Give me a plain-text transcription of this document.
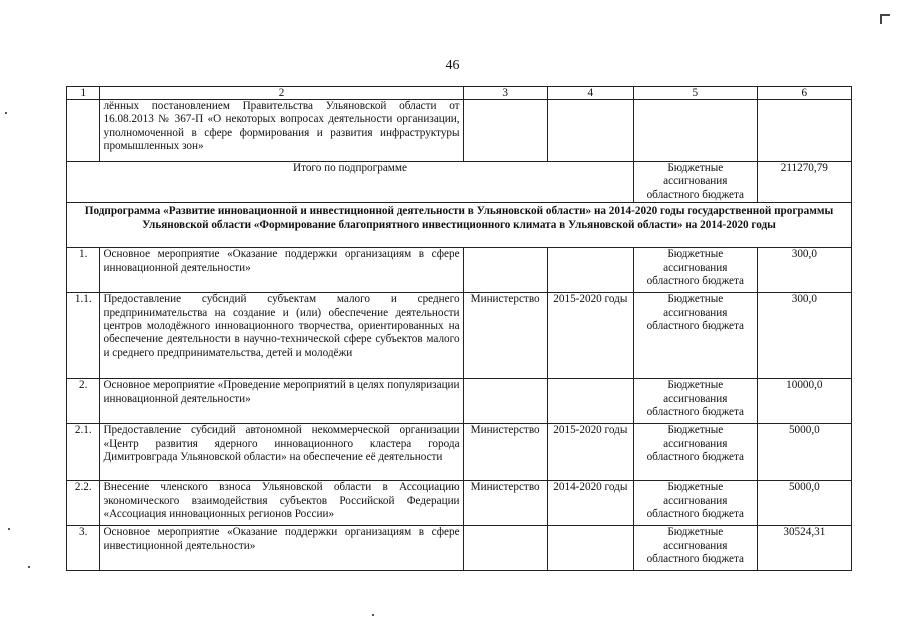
46
1	2	3	4	5	6
	лённых постановлением Правительства Ульяновской области от 16.08.2013 № 367-П «О некоторых вопросах деятельности организации, уполномоченной в сфере формирования и развития инфраструктуры промышленных зон»				
Итого по подпрограмме				Бюджетные ассигнования областного бюджета	211270,79
Подпрограмма «Развитие инновационной и инвестиционной деятельности в Ульяновской области» на 2014-2020 годы государственной программы Ульяновской области «Формирование благоприятного инвестиционного климата в Ульяновской области» на 2014-2020 годы					
1.	Основное мероприятие «Оказание поддержки организациям в сфере инновационной деятельности»			Бюджетные ассигнования областного бюджета	300,0
1.1.	Предоставление субсидий субъектам малого и среднего предпринимательства на создание и (или) обеспечение деятельности центров молодёжного инновационного творчества, ориентированных на обеспечение деятельности в научно-технической сфере субъектов малого и среднего предпринимательства, детей и молодёжи	Министерство	2015-2020 годы	Бюджетные ассигнования областного бюджета	300,0
2.	Основное мероприятие «Проведение мероприятий в целях популяризации инновационной деятельности»			Бюджетные ассигнования областного бюджета	10000,0
2.1.	Предоставление субсидий автономной некоммерческой организации «Центр развития ядерного инновационного кластера города Димитровграда Ульяновской области» на обеспечение её деятельности	Министерство	2015-2020 годы	Бюджетные ассигнования областного бюджета	5000,0
2.2.	Внесение членского взноса Ульяновской области в Ассоциацию экономического взаимодействия субъектов Российской Федерации «Ассоциация инновационных регионов России»	Министерство	2014-2020 годы	Бюджетные ассигнования областного бюджета	5000,0
3.	Основное мероприятие «Оказание поддержки организациям в сфере инвестиционной деятельности»			Бюджетные ассигнования областного бюджета	30524,31
